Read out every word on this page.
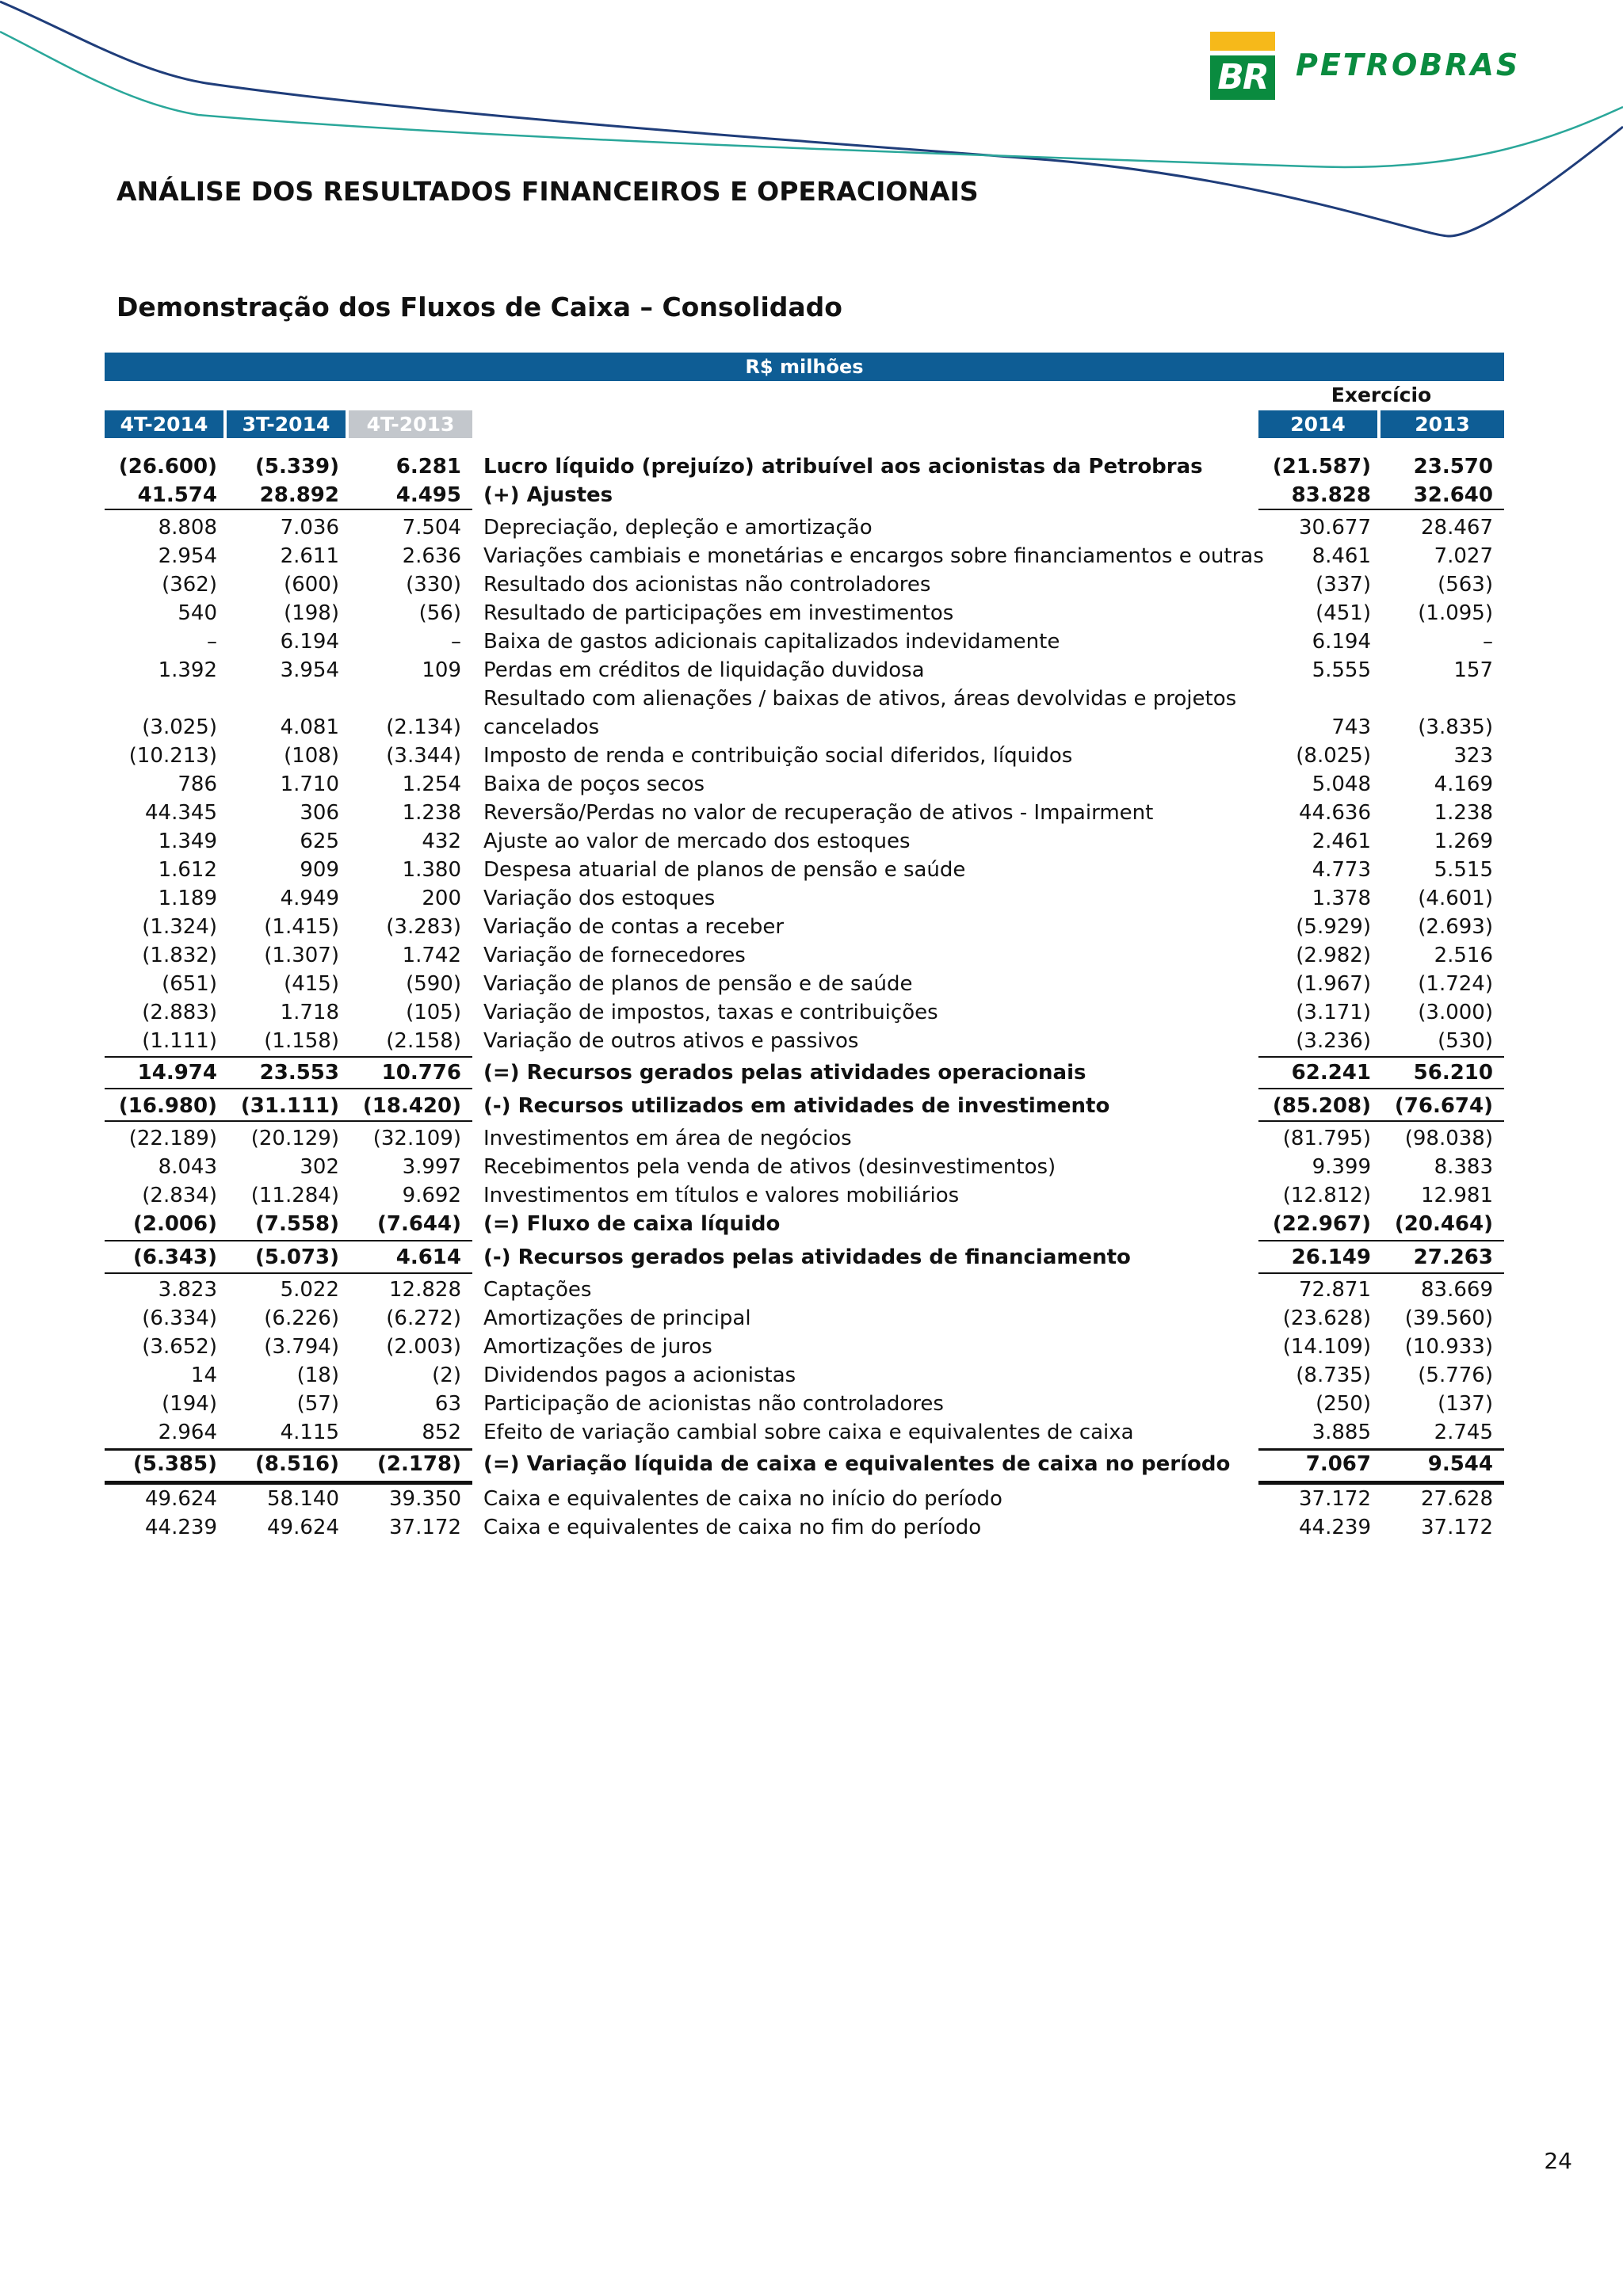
BR PETROBRAS
ANÁLISE DOS RESULTADOS FINANCEIROS E OPERACIONAIS
Demonstração dos Fluxos de Caixa – Consolidado
R$ milhões
Exercício
4T-2014	3T-2014	4T-2013	2014	2013
(26.600)	(5.339)	6.281 Lucro líquido (prejuízo) atribuível aos acionistas da Petrobras	(21.587)	23.570
41.574	28.892	4.495 (+) Ajustes	83.828	32.640
8.808	7.036	7.504 Depreciação, depleção e amortização	30.677	28.467
2.954	2.611	2.636 Variações cambiais e monetárias e encargos sobre financiamentos e outras	8.461	7.027
(362)	(600)	(330) Resultado dos acionistas não controladores	(337)	(563)
540	(198)	(56) Resultado de participações em investimentos	(451)	(1.095)
–	6.194	– Baixa de gastos adicionais capitalizados indevidamente	6.194	–
1.392	3.954	109 Perdas em créditos de liquidação duvidosa	5.555	157
Resultado com alienações / baixas de ativos, áreas devolvidas e projetos
(3.025)	4.081	(2.134) cancelados	743	(3.835)
(10.213)	(108)	(3.344) Imposto de renda e contribuição social diferidos, líquidos	(8.025)	323
786	1.710	1.254 Baixa de poços secos	5.048	4.169
44.345	306	1.238 Reversão/Perdas no valor de recuperação de ativos - Impairment	44.636	1.238
1.349	625	432 Ajuste ao valor de mercado dos estoques	2.461	1.269
1.612	909	1.380 Despesa atuarial de planos de pensão e saúde	4.773	5.515
1.189	4.949	200 Variação dos estoques	1.378	(4.601)
(1.324)	(1.415)	(3.283) Variação de contas a receber	(5.929)	(2.693)
(1.832)	(1.307)	1.742 Variação de fornecedores	(2.982)	2.516
(651)	(415)	(590) Variação de planos de pensão e de saúde	(1.967)	(1.724)
(2.883)	1.718	(105) Variação de impostos, taxas e contribuições	(3.171)	(3.000)
(1.111)	(1.158)	(2.158) Variação de outros ativos e passivos	(3.236)	(530)
14.974	23.553	10.776 (=) Recursos gerados pelas atividades operacionais	62.241	56.210
(16.980)	(31.111)	(18.420) (-) Recursos utilizados em atividades de investimento	(85.208)	(76.674)
(22.189)	(20.129)	(32.109) Investimentos em área de negócios	(81.795)	(98.038)
8.043	302	3.997 Recebimentos pela venda de ativos (desinvestimentos)	9.399	8.383
(2.834)	(11.284)	9.692 Investimentos em títulos e valores mobiliários	(12.812)	12.981
(2.006)	(7.558)	(7.644) (=) Fluxo de caixa líquido	(22.967)	(20.464)
(6.343)	(5.073)	4.614 (-) Recursos gerados pelas atividades de financiamento	26.149	27.263
3.823	5.022	12.828 Captações	72.871	83.669
(6.334)	(6.226)	(6.272) Amortizações de principal	(23.628)	(39.560)
(3.652)	(3.794)	(2.003) Amortizações de juros	(14.109)	(10.933)
14	(18)	(2) Dividendos pagos a acionistas	(8.735)	(5.776)
(194)	(57)	63 Participação de acionistas não controladores	(250)	(137)
2.964	4.115	852 Efeito de variação cambial sobre caixa e equivalentes de caixa	3.885	2.745
(5.385)	(8.516)	(2.178) (=) Variação líquida de caixa e equivalentes de caixa no período	7.067	9.544
49.624	58.140	39.350 Caixa e equivalentes de caixa no início do período	37.172	27.628
44.239	49.624	37.172 Caixa e equivalentes de caixa no fim do período	44.239	37.172
24
